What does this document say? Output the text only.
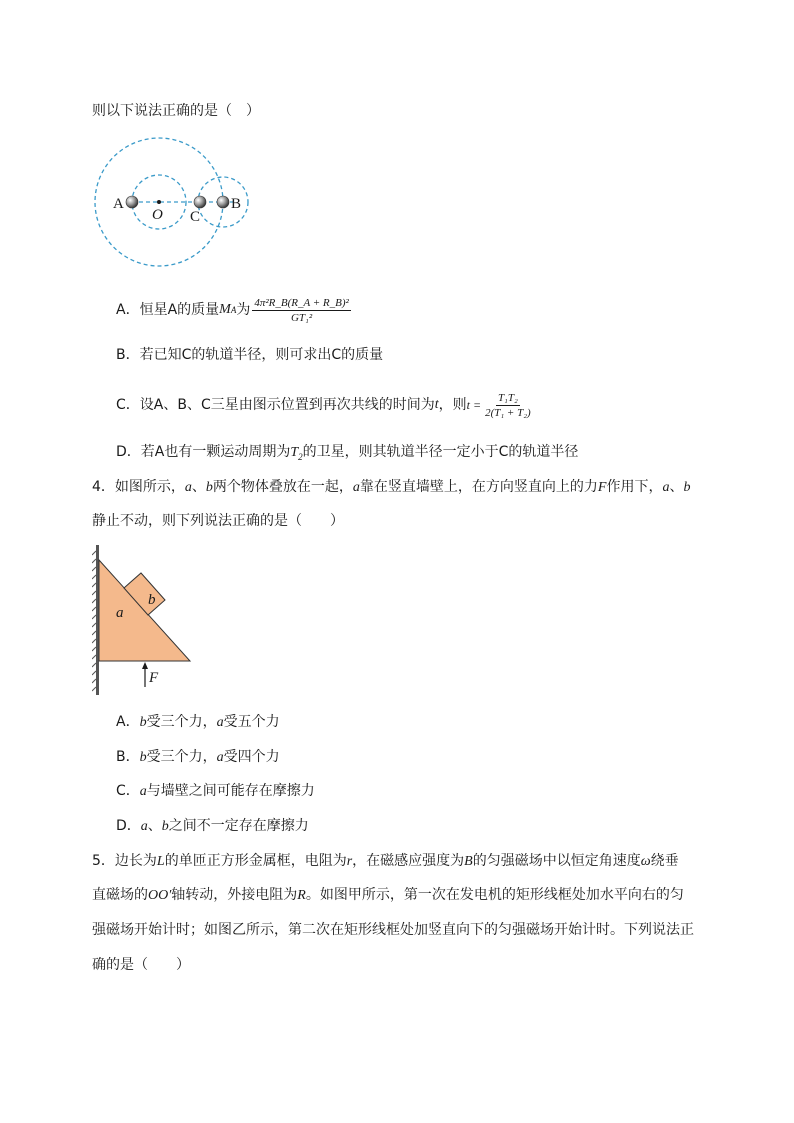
则以下说法正确的是（　）
A
O C
B
A．恒星A的质量 M A 为 $\frac{\text{4π²R\_B(R\_A + R\_B)²}}{\text{GT₁²}}$
B．若已知C的轨道半径，则可求出C的质量
C．设A、B、C三星由图示位置到再次共线的时间为 t ，则 $t = \frac{\text{T₁T₂}}{\text{2(T₁ + T₂)}}$
D．若A也有一颗运动周期为$T_2$的卫星，则其轨道半径一定小于C的轨道半径
4．如图所示，a、b两个物体叠放在一起，a靠在竖直墙壁上，在方向竖直向上的力F作用下，a、b
静止不动，则下列说法正确的是（　　）
a
b
F
A．b受三个力，a受五个力
B．b受三个力，a受四个力
C．a与墙壁之间可能存在摩擦力
D．a、b之间不一定存在摩擦力
5．边长为L的单匝正方形金属框，电阻为r，在磁感应强度为B的匀强磁场中以恒定角速度ω绕垂
直磁场的OO′轴转动，外接电阻为R。如图甲所示，第一次在发电机的矩形线框处加水平向右的匀
强磁场开始计时；如图乙所示，第二次在矩形线框处加竖直向下的匀强磁场开始计时。下列说法正
确的是（　　）
